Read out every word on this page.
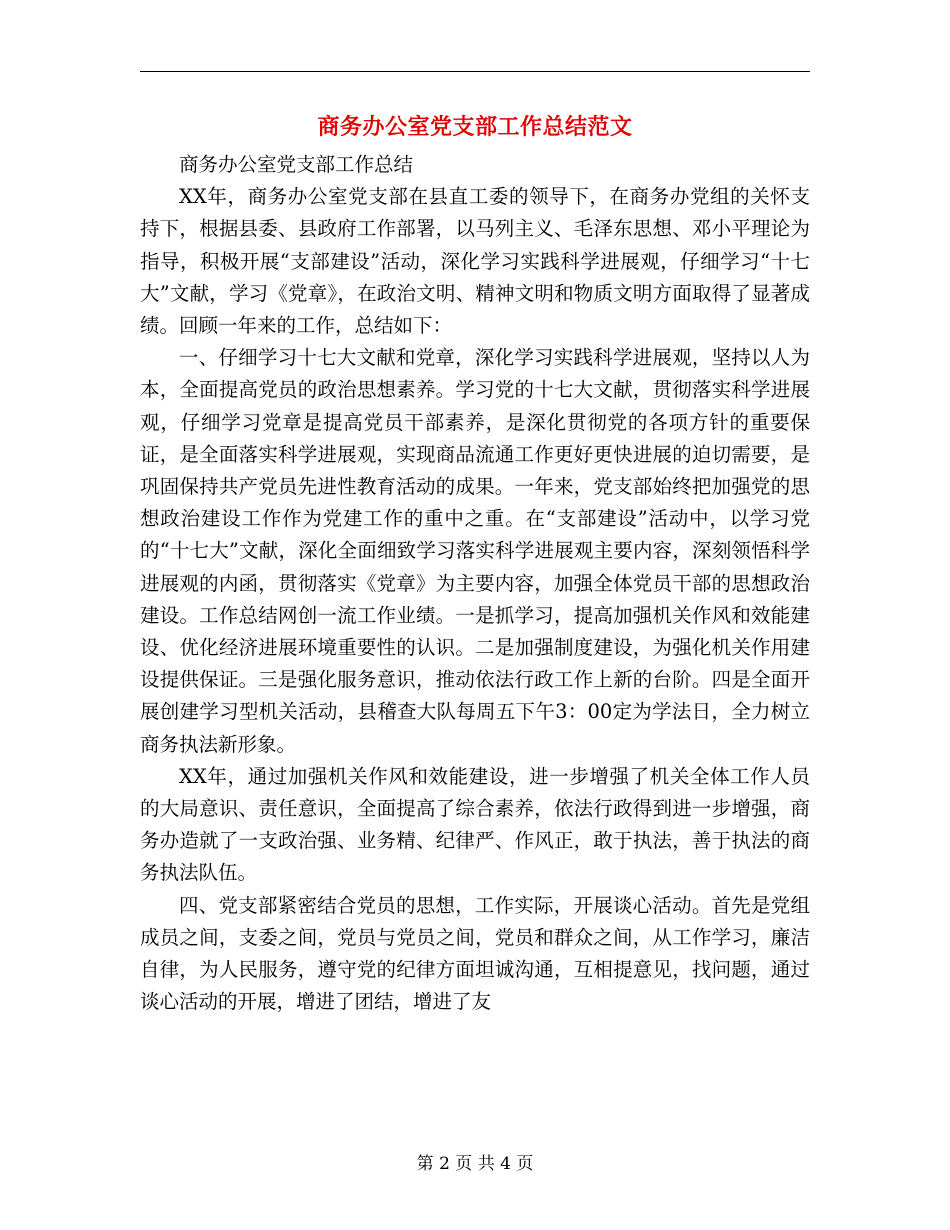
商务办公室党支部工作总结范文

商务办公室党支部工作总结

XX年，商务办公室党支部在县直工委的领导下，在商务办党组的关怀支持下，根据县委、县政府工作部署，以马列主义、毛泽东思想、邓小平理论为指导，积极开展“支部建设”活动，深化学习实践科学进展观，仔细学习“十七大”文献，学习《党章》，在政治文明、精神文明和物质文明方面取得了显著成绩。回顾一年来的工作，总结如下：

一、仔细学习十七大文献和党章，深化学习实践科学进展观，坚持以人为本，全面提高党员的政治思想素养。学习党的十七大文献，贯彻落实科学进展观，仔细学习党章是提高党员干部素养，是深化贯彻党的各项方针的重要保证，是全面落实科学进展观，实现商品流通工作更好更快进展的迫切需要，是巩固保持共产党员先进性教育活动的成果。一年来，党支部始终把加强党的思想政治建设工作作为党建工作的重中之重。在“支部建设”活动中，以学习党的“十七大”文献，深化全面细致学习落实科学进展观主要内容，深刻领悟科学进展观的内函，贯彻落实《党章》为主要内容，加强全体党员干部的思想政治建设。工作总结网创一流工作业绩。一是抓学习，提高加强机关作风和效能建设、优化经济进展环境重要性的认识。二是加强制度建设，为强化机关作用建设提供保证。三是强化服务意识，推动依法行政工作上新的台阶。四是全面开展创建学习型机关活动，县稽查大队每周五下午3：00定为学法日，全力树立商务执法新形象。

XX年，通过加强机关作风和效能建设，进一步增强了机关全体工作人员的大局意识、责任意识，全面提高了综合素养，依法行政得到进一步增强，商务办造就了一支政治强、业务精、纪律严、作风正，敢于执法，善于执法的商务执法队伍。

四、党支部紧密结合党员的思想，工作实际，开展谈心活动。首先是党组成员之间，支委之间，党员与党员之间，党员和群众之间，从工作学习，廉洁自律，为人民服务，遵守党的纪律方面坦诚沟通，互相提意见，找问题，通过谈心活动的开展，增进了团结，增进了友

第 2 页 共 4 页
